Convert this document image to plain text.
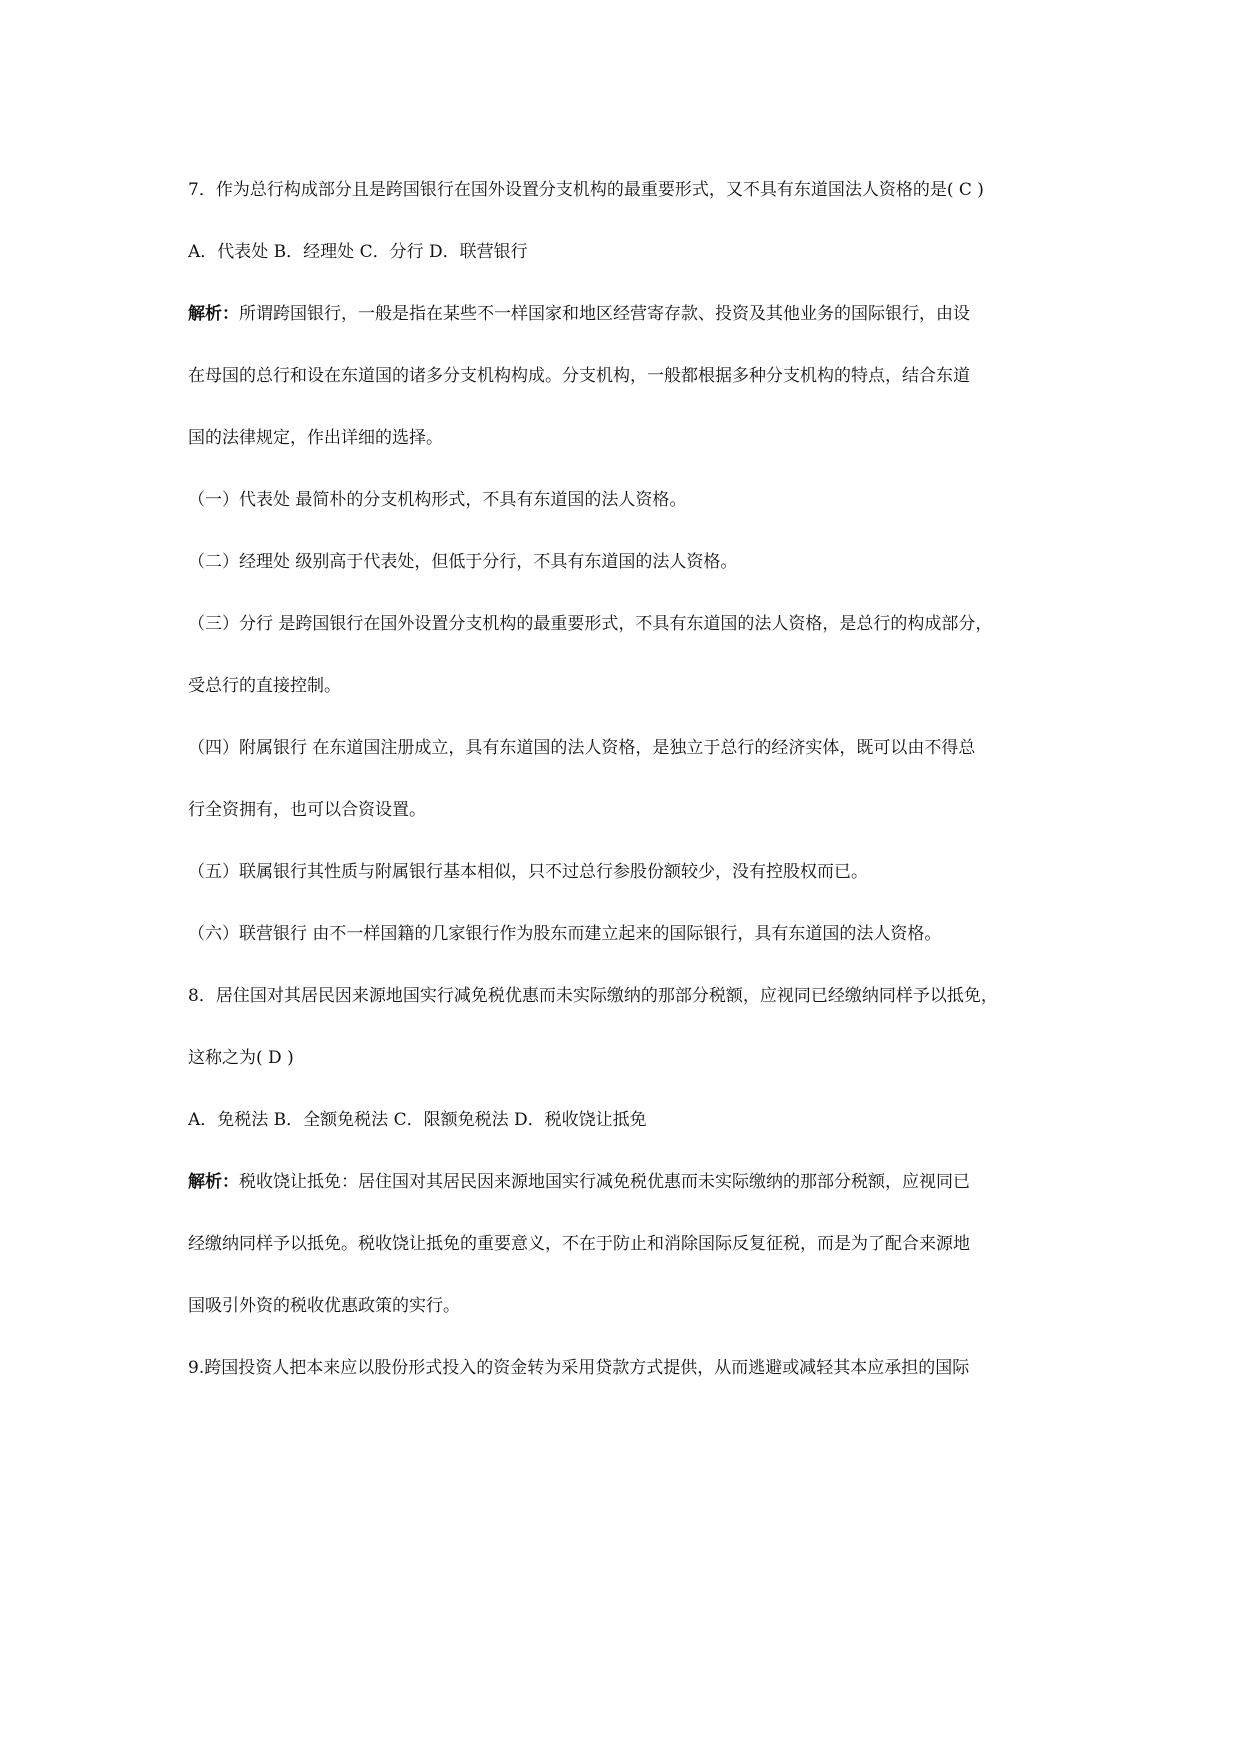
7．作为总行构成部分且是跨国银行在国外设置分支机构的最重要形式，又不具有东道国法人资格的是( C )
A．代表处 B．经理处 C．分行 D．联营银行
解析：所谓跨国银行，一般是指在某些不一样国家和地区经营寄存款、投资及其他业务的国际银行，由设
在母国的总行和设在东道国的诸多分支机构构成。分支机构，一般都根据多种分支机构的特点，结合东道
国的法律规定，作出详细的选择。
（一）代表处 最简朴的分支机构形式，不具有东道国的法人资格。
（二）经理处 级别高于代表处，但低于分行，不具有东道国的法人资格。
（三）分行 是跨国银行在国外设置分支机构的最重要形式，不具有东道国的法人资格，是总行的构成部分，
受总行的直接控制。
（四）附属银行 在东道国注册成立，具有东道国的法人资格，是独立于总行的经济实体，既可以由不得总
行全资拥有，也可以合资设置。
（五）联属银行其性质与附属银行基本相似，只不过总行参股份额较少，没有控股权而已。
（六）联营银行 由不一样国籍的几家银行作为股东而建立起来的国际银行，具有东道国的法人资格。
8．居住国对其居民因来源地国实行减免税优惠而未实际缴纳的那部分税额，应视同已经缴纳同样予以抵免，
这称之为( D )
A．免税法 B．全额免税法 C．限额免税法 D．税收饶让抵免
解析：税收饶让抵免：居住国对其居民因来源地国实行减免税优惠而未实际缴纳的那部分税额，应视同已
经缴纳同样予以抵免。税收饶让抵免的重要意义，不在于防止和消除国际反复征税，而是为了配合来源地
国吸引外资的税收优惠政策的实行。
9.跨国投资人把本来应以股份形式投入的资金转为采用贷款方式提供，从而逃避或减轻其本应承担的国际
